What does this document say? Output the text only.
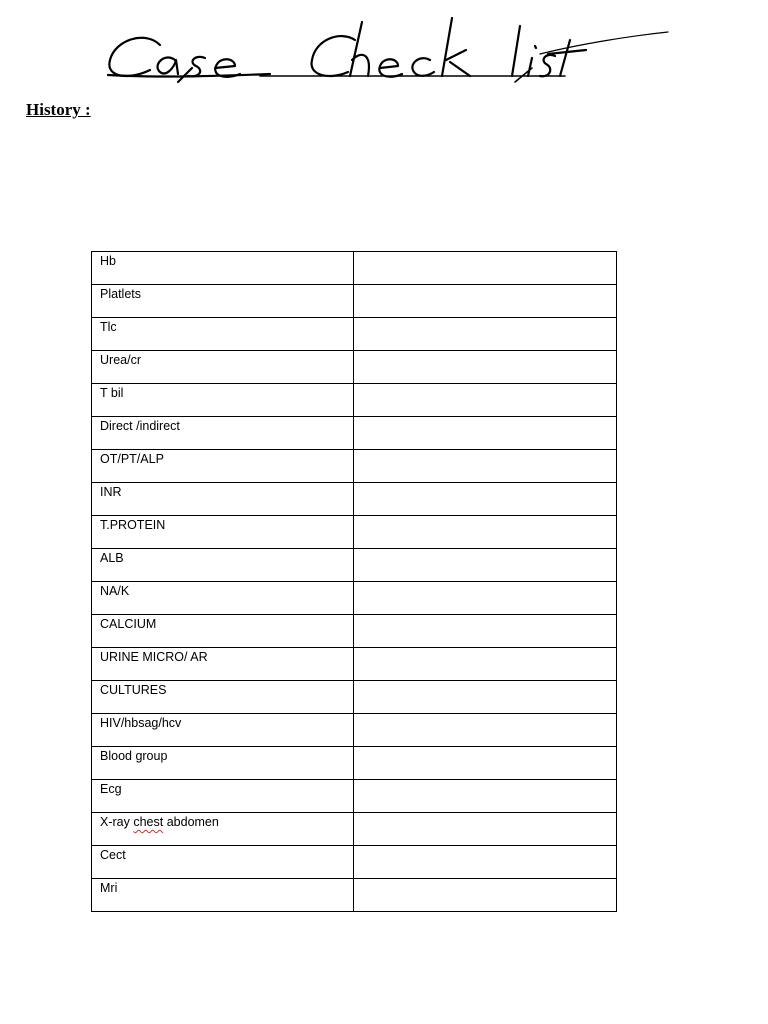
History :
Hb	
Platlets	
Tlc	
Urea/cr	
T bil	
Direct /indirect	
OT/PT/ALP	
INR	
T.PROTEIN	
ALB	
NA/K	
CALCIUM	
URINE MICRO/ AR	
CULTURES	
HIV/hbsag/hcv	
Blood group	
Ecg	
X-ray chest abdomen	
Cect	
Mri	
